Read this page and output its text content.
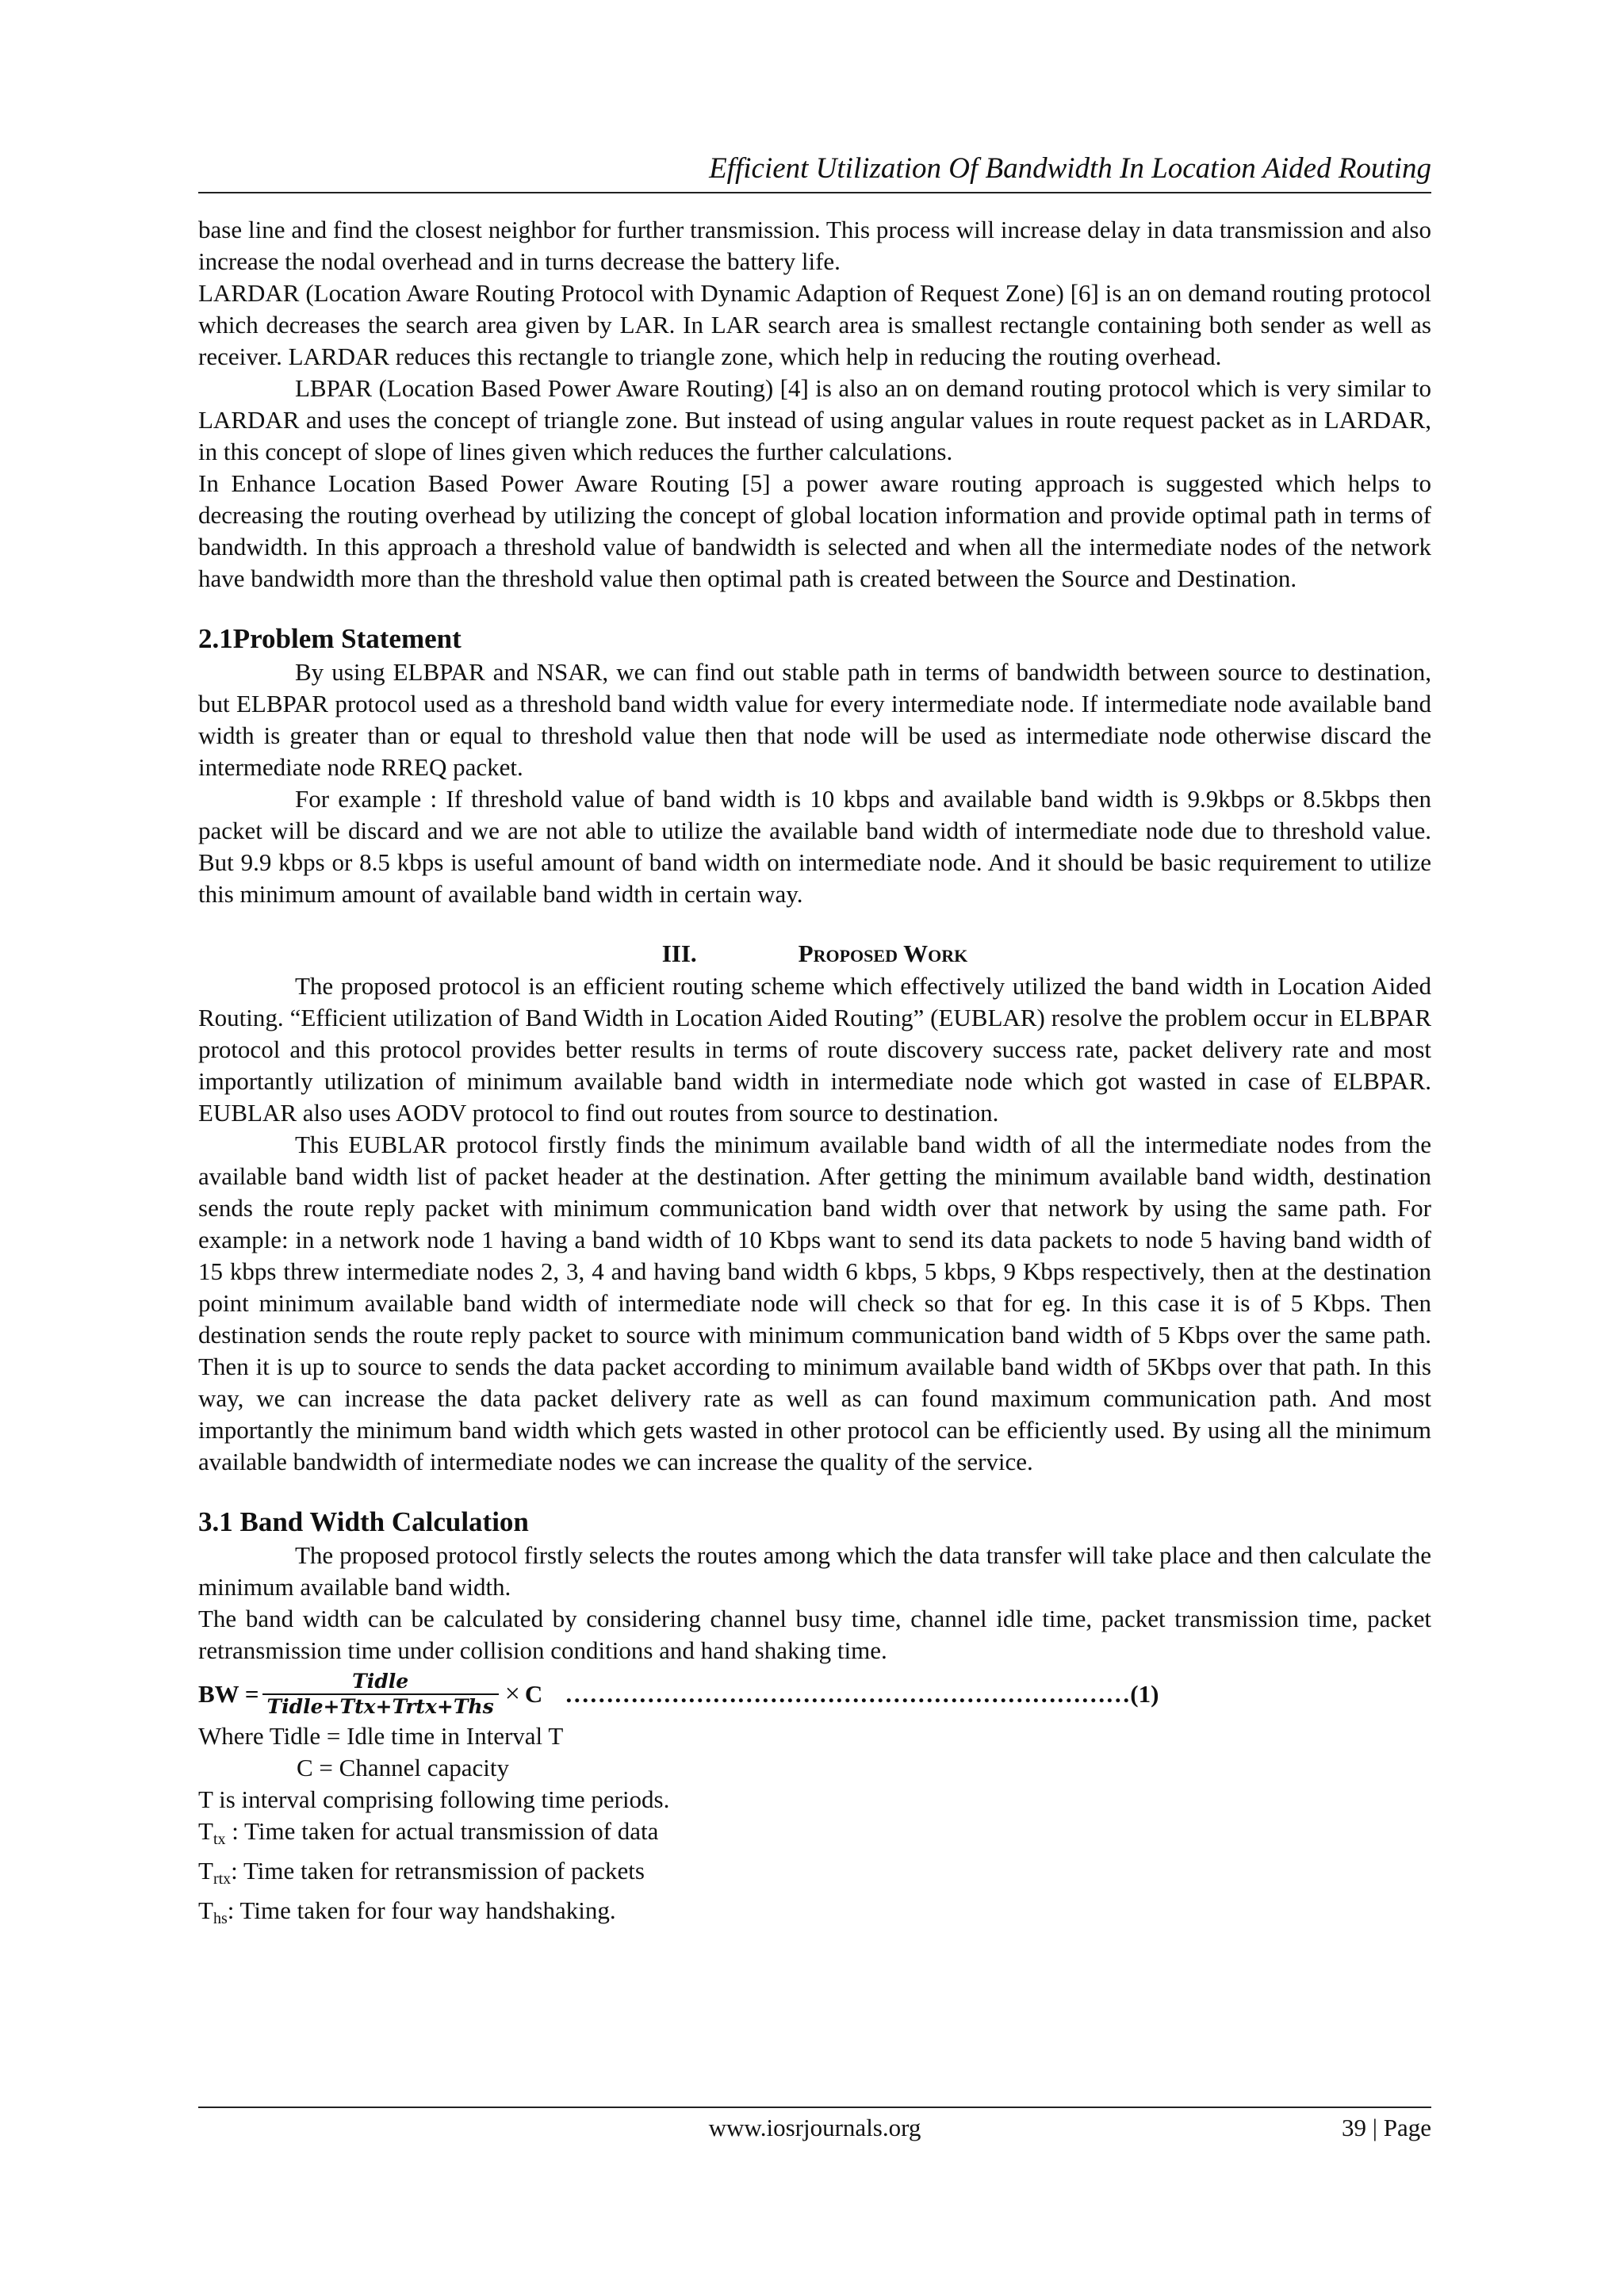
Efficient Utilization Of Bandwidth In Location Aided Routing

base line and find the closest neighbor for further transmission. This process will increase delay in data transmission and also increase the nodal overhead and in turns decrease the battery life.

LARDAR (Location Aware Routing Protocol with Dynamic Adaption of Request Zone) [6] is an on demand routing protocol which decreases the search area given by LAR. In LAR search area is smallest rectangle containing both sender as well as receiver. LARDAR reduces this rectangle to triangle zone, which help in reducing the routing overhead.

LBPAR (Location Based Power Aware Routing) [4] is also an on demand routing protocol which is very similar to LARDAR and uses the concept of triangle zone. But instead of using angular values in route request packet as in LARDAR, in this concept of slope of lines given which reduces the further calculations.

In Enhance Location Based Power Aware Routing [5] a power aware routing approach is suggested which helps to decreasing the routing overhead by utilizing the concept of global location information and provide optimal path in terms of bandwidth. In this approach a threshold value of bandwidth is selected and when all the intermediate nodes of the network have bandwidth more than the threshold value then optimal path is created between the Source and Destination.

2.1Problem Statement

By using ELBPAR and NSAR, we can find out stable path in terms of bandwidth between source to destination, but ELBPAR protocol used as a threshold band width value for every intermediate node. If intermediate node available band width is greater than or equal to threshold value then that node will be used as intermediate node otherwise discard the intermediate node RREQ packet.

For example : If threshold value of band width is 10 kbps and available band width is 9.9kbps or 8.5kbps then packet will be discard and we are not able to utilize the available band width of intermediate node due to threshold value. But 9.9 kbps or 8.5 kbps is useful amount of band width on intermediate node. And it should be basic requirement to utilize this minimum amount of available band width in certain way.

III.	Proposed Work

The proposed protocol is an efficient routing scheme which effectively utilized the band width in Location Aided Routing. “Efficient utilization of Band Width in Location Aided Routing” (EUBLAR) resolve the problem occur in ELBPAR protocol and this protocol provides better results in terms of route discovery success rate, packet delivery rate and most importantly utilization of minimum available band width in intermediate node which got wasted in case of ELBPAR. EUBLAR also uses AODV protocol to find out routes from source to destination.

This EUBLAR protocol firstly finds the minimum available band width of all the intermediate nodes from the available band width list of packet header at the destination. After getting the minimum available band width, destination sends the route reply packet with minimum communication band width over that network by using the same path. For example: in a network node 1 having a band width of 10 Kbps want to send its data packets to node 5 having band width of 15 kbps threw intermediate nodes 2, 3, 4 and having band width 6 kbps, 5 kbps, 9 Kbps respectively, then at the destination point minimum available band width of intermediate node will check so that for eg. In this case it is of 5 Kbps. Then destination sends the route reply packet to source with minimum communication band width of 5 Kbps over the same path. Then it is up to source to sends the data packet according to minimum available band width of 5Kbps over that path. In this way, we can increase the data packet delivery rate as well as can found maximum communication path. And most importantly the minimum band width which gets wasted in other protocol can be efficiently used. By using all the minimum available bandwidth of intermediate nodes we can increase the quality of the service.

3.1 Band Width Calculation

The proposed protocol firstly selects the routes among which the data transfer will take place and then calculate the minimum available band width.

The band width can be calculated by considering channel busy time, channel idle time, packet transmission time, packet retransmission time under collision conditions and hand shaking time.

BW = $\frac{\text{Tidle}}{\text{Tidle+Ttx+Trtx+Ths}} \times C$ …………………………………………………………… (1)
Where Tidle = Idle time in Interval T
C = Channel capacity
T is interval comprising following time periods.
$T_{tx}$ : Time taken for actual transmission of data
$T_{rtx}$: Time taken for retransmission of packets
$T_{hs}$: Time taken for four way handshaking.
www.iosrjournals.org	39 | Page
